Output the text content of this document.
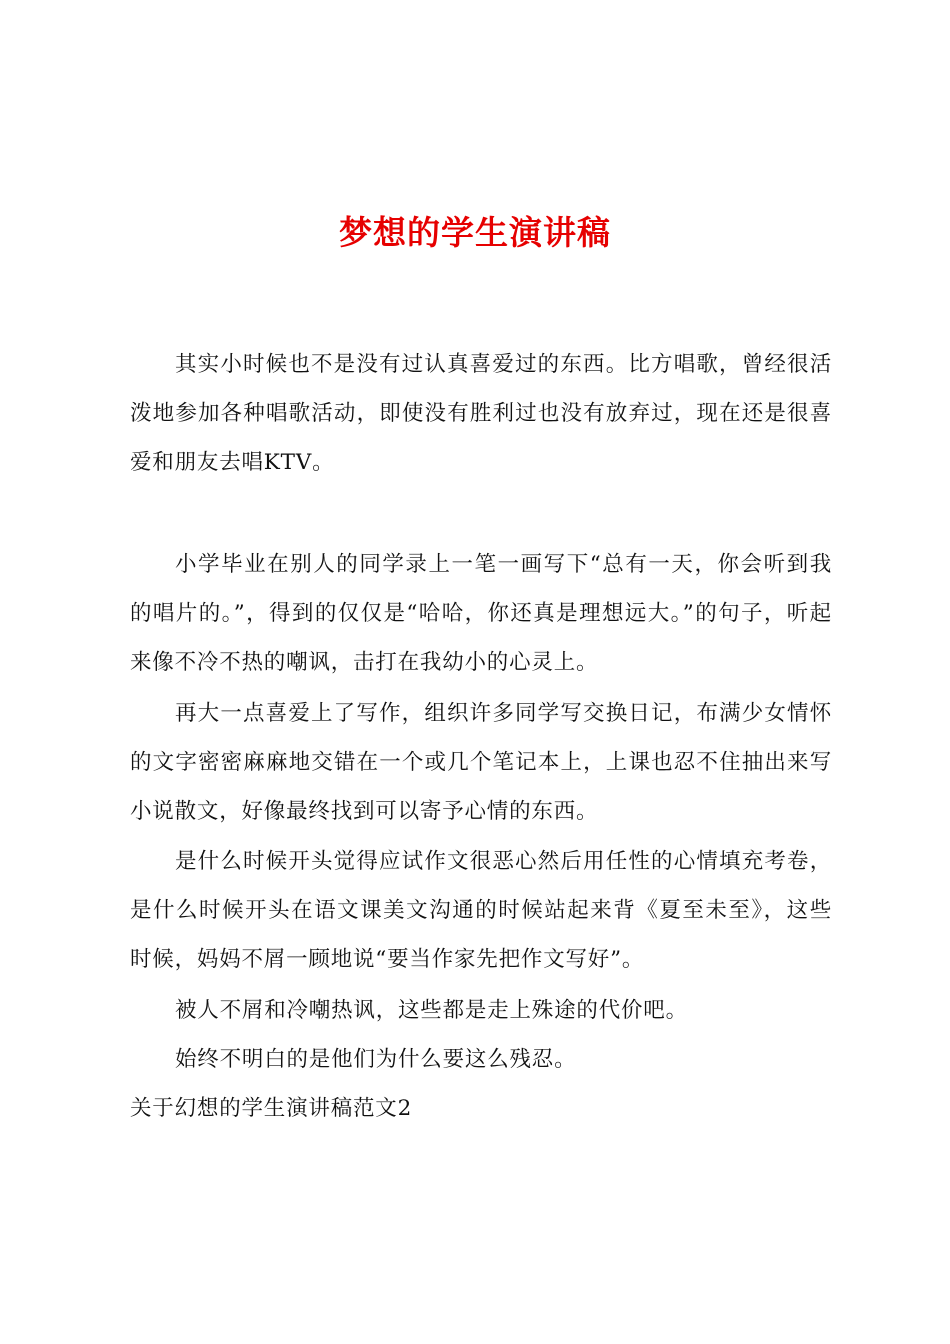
梦想的学生演讲稿

其实小时候也不是没有过认真喜爱过的东西。比方唱歌，曾经很活泼地参加各种唱歌活动，即使没有胜利过也没有放弃过，现在还是很喜爱和朋友去唱KTV。

小学毕业在别人的同学录上一笔一画写下“总有一天，你会听到我的唱片的。”，得到的仅仅是“哈哈，你还真是理想远大。”的句子，听起来像不冷不热的嘲讽，击打在我幼小的心灵上。

再大一点喜爱上了写作，组织许多同学写交换日记，布满少女情怀的文字密密麻麻地交错在一个或几个笔记本上，上课也忍不住抽出来写小说散文，好像最终找到可以寄予心情的东西。

是什么时候开头觉得应试作文很恶心然后用任性的心情填充考卷，是什么时候开头在语文课美文沟通的时候站起来背《夏至未至》，这些时候，妈妈不屑一顾地说“要当作家先把作文写好”。

被人不屑和冷嘲热讽，这些都是走上殊途的代价吧。

始终不明白的是他们为什么要这么残忍。

关于幻想的学生演讲稿范文2
